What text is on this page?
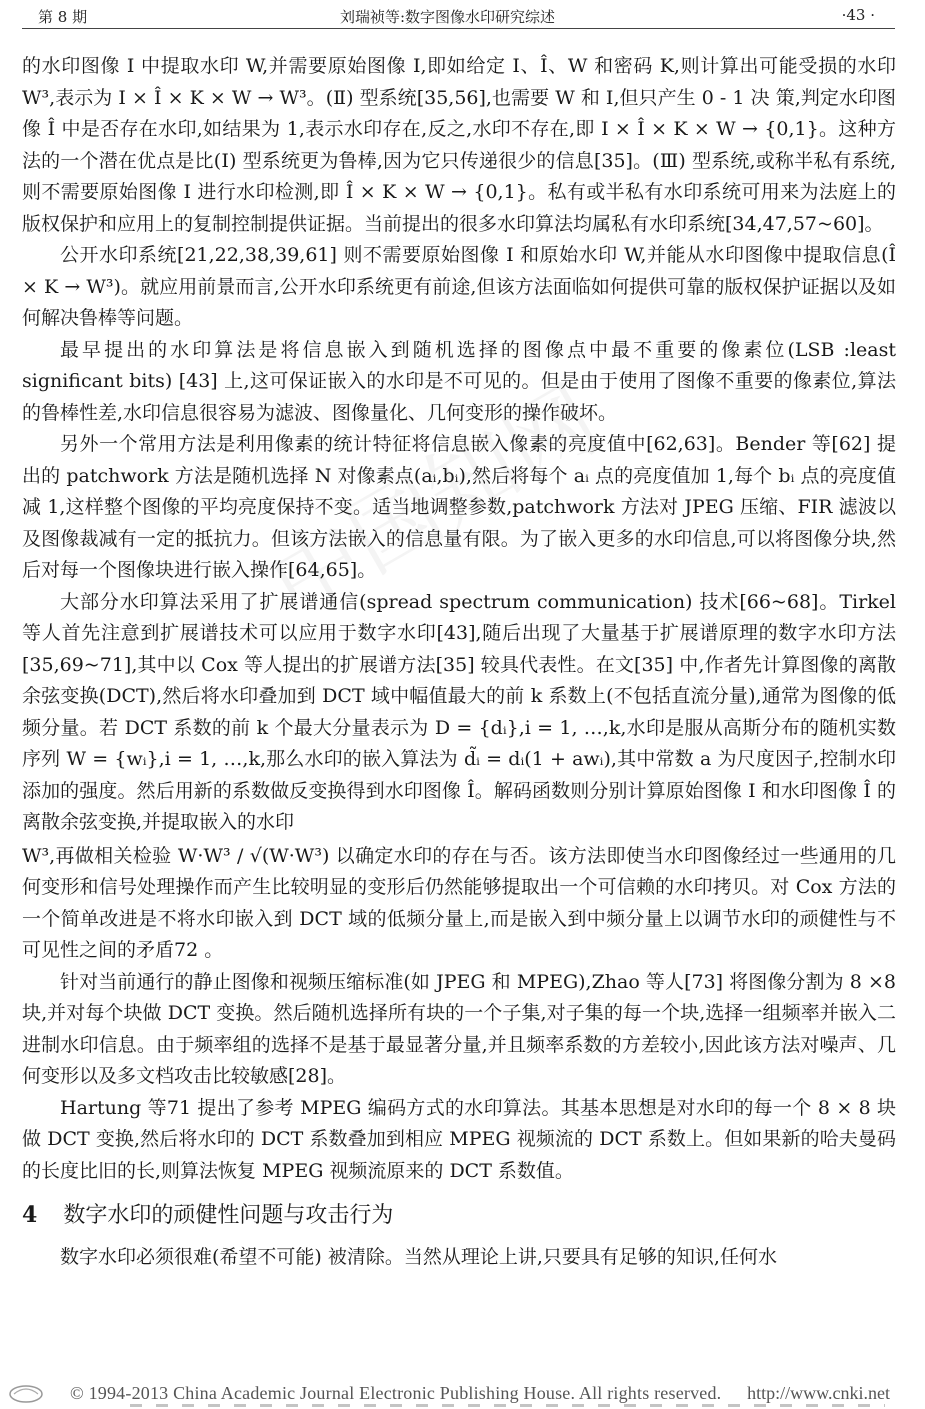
第 8 期	刘瑞祯等:数字图像水印研究综述	·43 ·

的水印图像 I 中提取水印 W,并需要原始图像 I,即如给定 I、Î、W 和密码 K,则计算出可能受损的水印 W³,表示为 I × Î × K × W → W³。(Ⅱ) 型系统[35,56],也需要 W 和 I,但只产生 0 - 1 决 策,判定水印图像 Î 中是否存在水印,如结果为 1,表示水印存在,反之,水印不存在,即 I × Î × K × W → {0,1}。这种方法的一个潜在优点是比(Ⅰ) 型系统更为鲁棒,因为它只传递很少的信息[35]。(Ⅲ) 型系统,或称半私有系统,则不需要原始图像 I 进行水印检测,即 Î × K × W → {0,1}。私有或半私有水印系统可用来为法庭上的版权保护和应用上的复制控制提供证据。当前提出的很多水印算法均属私有水印系统[34,47,57~60]。

公开水印系统[21,22,38,39,61] 则不需要原始图像 I 和原始水印 W,并能从水印图像中提取信息(Î × K → W³)。就应用前景而言,公开水印系统更有前途,但该方法面临如何提供可靠的版权保护证据以及如何解决鲁棒等问题。

最早提出的水印算法是将信息嵌入到随机选择的图像点中最不重要的像素位(LSB :least significant bits) [43] 上,这可保证嵌入的水印是不可见的。但是由于使用了图像不重要的像素位,算法的鲁棒性差,水印信息很容易为滤波、图像量化、几何变形的操作破坏。

另外一个常用方法是利用像素的统计特征将信息嵌入像素的亮度值中[62,63]。Bender 等[62] 提出的 patchwork 方法是随机选择 N 对像素点(aᵢ,bᵢ),然后将每个 aᵢ 点的亮度值加 1,每个 bᵢ 点的亮度值减 1,这样整个图像的平均亮度保持不变。适当地调整参数,patchwork 方法对 JPEG 压缩、FIR 滤波以及图像裁减有一定的抵抗力。但该方法嵌入的信息量有限。为了嵌入更多的水印信息,可以将图像分块,然后对每一个图像块进行嵌入操作[64,65]。

大部分水印算法采用了扩展谱通信(spread spectrum communication) 技术[66~68]。Tirkel 等人首先注意到扩展谱技术可以应用于数字水印[43],随后出现了大量基于扩展谱原理的数字水印方法[35,69~71],其中以 Cox 等人提出的扩展谱方法[35] 较具代表性。在文[35] 中,作者先计算图像的离散余弦变换(DCT),然后将水印叠加到 DCT 域中幅值最大的前 k 系数上(不包括直流分量),通常为图像的低频分量。若 DCT 系数的前 k 个最大分量表示为 D = {dᵢ},i = 1, …,k,水印是服从高斯分布的随机实数序列 W = {wᵢ},i = 1, …,k,那么水印的嵌入算法为 d̃ᵢ = dᵢ(1 + awᵢ),其中常数 a 为尺度因子,控制水印添加的强度。然后用新的系数做反变换得到水印图像 Î。解码函数则分别计算原始图像 I 和水印图像 Î 的离散余弦变换,并提取嵌入的水印

W³,再做相关检验 W·W³ / √(W·W³) 以确定水印的存在与否。该方法即使当水印图像经过一些通用的几何变形和信号处理操作而产生比较明显的变形后仍然能够提取出一个可信赖的水印拷贝。对 Cox 方法的一个简单改进是不将水印嵌入到 DCT 域的低频分量上,而是嵌入到中频分量上以调节水印的顽健性与不可见性之间的矛盾72 。

针对当前通行的静止图像和视频压缩标准(如 JPEG 和 MPEG),Zhao 等人[73] 将图像分割为 8 ×8 块,并对每个块做 DCT 变换。然后随机选择所有块的一个子集,对子集的每一个块,选择一组频率并嵌入二进制水印信息。由于频率组的选择不是基于最显著分量,并且频率系数的方差较小,因此该方法对噪声、几何变形以及多文档攻击比较敏感[28]。

Hartung 等71 提出了参考 MPEG 编码方式的水印算法。其基本思想是对水印的每一个 8 × 8 块做 DCT 变换,然后将水印的 DCT 系数叠加到相应 MPEG 视频流的 DCT 系数上。但如果新的哈夫曼码的长度比旧的长,则算法恢复 MPEG 视频流原来的 DCT 系数值。

4 数字水印的顽健性问题与攻击行为

数字水印必须很难(希望不可能) 被清除。当然从理论上讲,只要具有足够的知识,任何水

© 1994-2013 China Academic Journal Electronic Publishing House. All rights reserved. http://www.cnki.net
